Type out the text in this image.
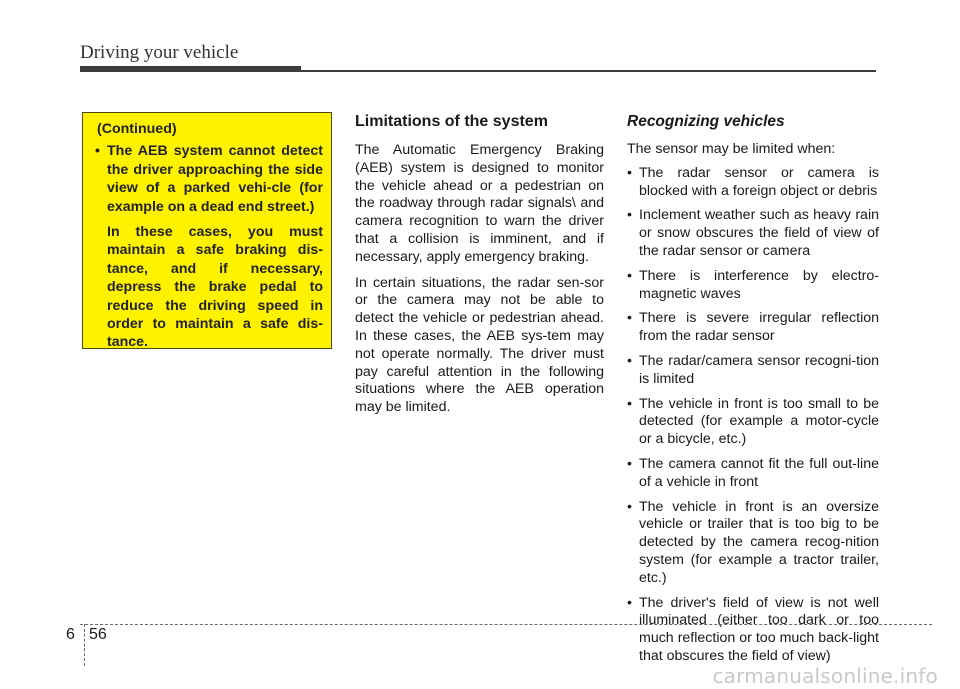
Driving your vehicle
(Continued)
• The AEB system cannot detect the driver approaching the side view of a parked vehi-cle (for example on a dead end street.)
In these cases, you must maintain a safe braking dis-tance, and if necessary, depress the brake pedal to reduce the driving speed in order to maintain a safe dis-tance.
Limitations of the system

The Automatic Emergency Braking (AEB) system is designed to monitor the vehicle ahead or a pedestrian on the roadway through radar signals\ and camera recognition to warn the driver that a collision is imminent, and if necessary, apply emergency braking.

In certain situations, the radar sen-sor or the camera may not be able to detect the vehicle or pedestrian ahead. In these cases, the AEB sys-tem may not operate normally. The driver must pay careful attention in the following situations where the AEB operation may be limited.

Recognizing vehicles

The sensor may be limited when:

• The radar sensor or camera is blocked with a foreign object or debris
• Inclement weather such as heavy rain or snow obscures the field of view of the radar sensor or camera
• There is interference by electro-magnetic waves
• There is severe irregular reflection from the radar sensor
• The radar/camera sensor recogni-tion is limited
• The vehicle in front is too small to be detected (for example a motor-cycle or a bicycle, etc.)
• The camera cannot fit the full out-line of a vehicle in front
• The vehicle in front is an oversize vehicle or trailer that is too big to be detected by the camera recog-nition system (for example a tractor trailer, etc.)
• The driver's field of view is not well illuminated (either too dark or too much reflection or too much back-light that obscures the field of view)
6 56
carmanualsonline.info
